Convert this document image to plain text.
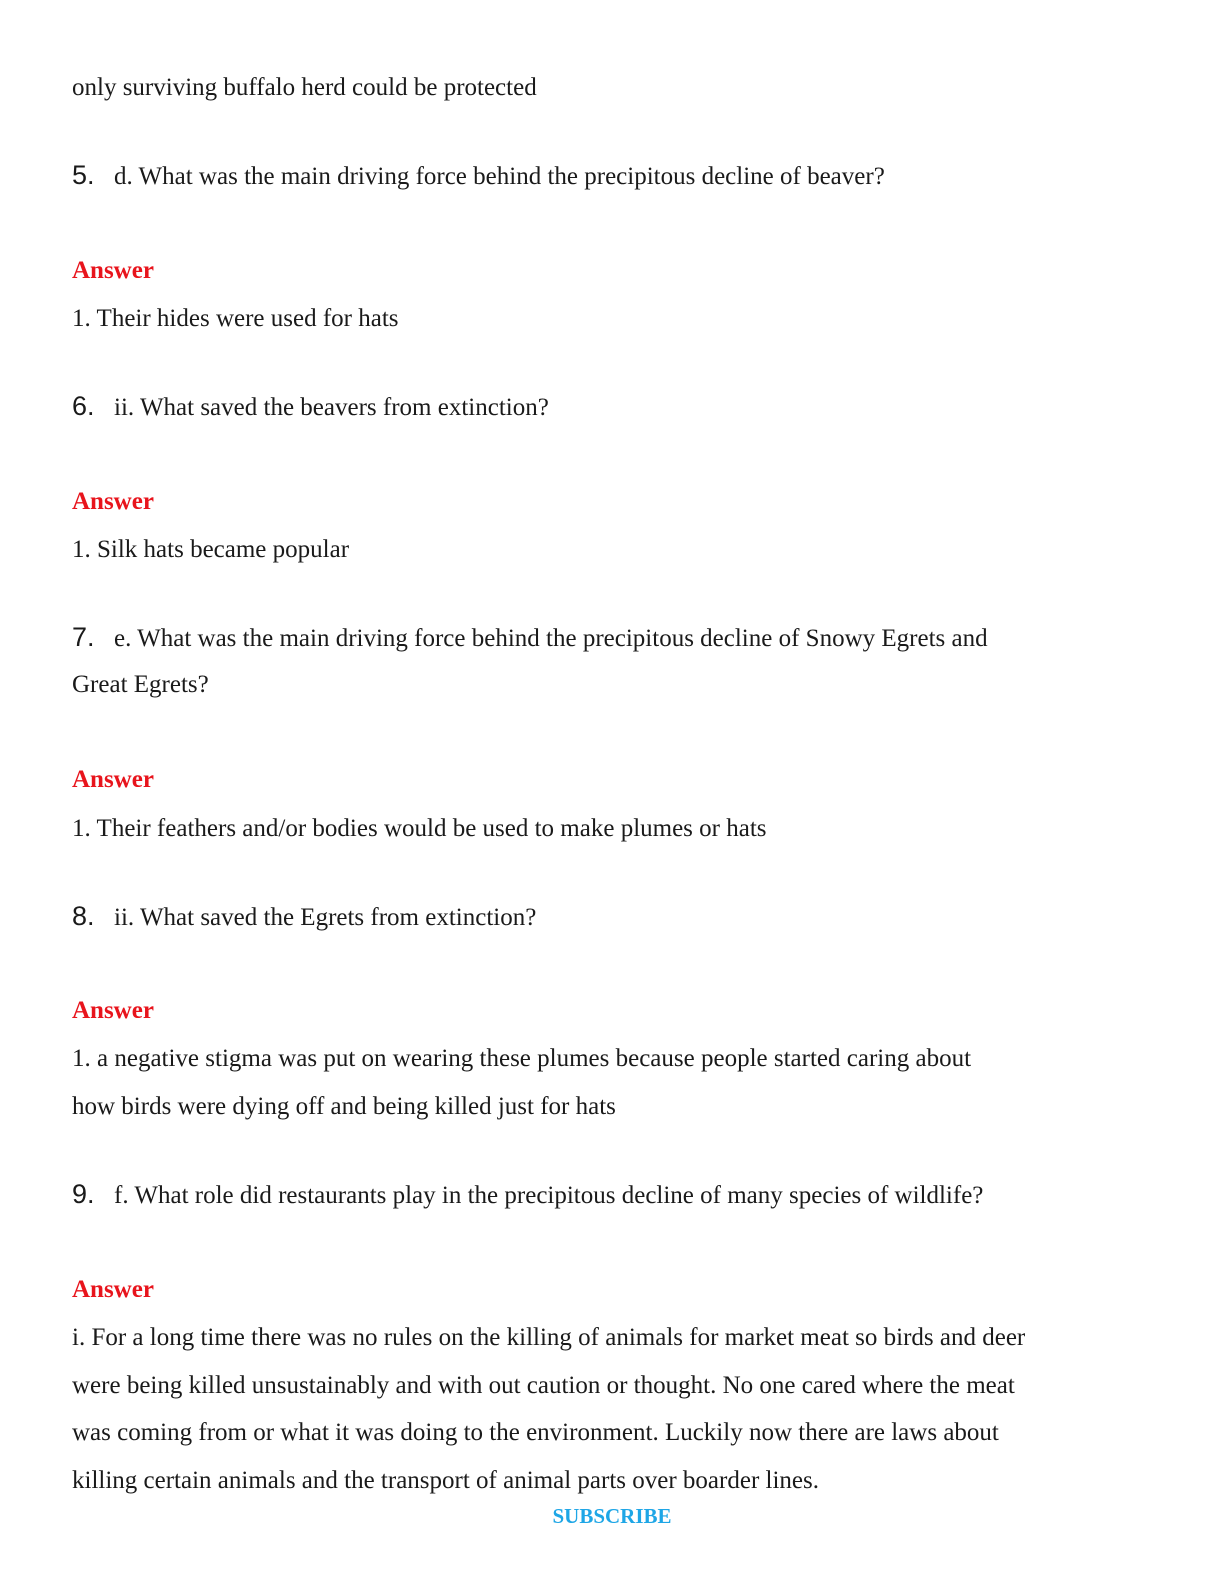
only surviving buffalo herd could be protected
5. d. What was the main driving force behind the precipitous decline of beaver?
Answer
1. Their hides were used for hats
6. ii. What saved the beavers from extinction?
Answer
1. Silk hats became popular
7. e. What was the main driving force behind the precipitous decline of Snowy Egrets and
Great Egrets?
Answer
1. Their feathers and/or bodies would be used to make plumes or hats
8. ii. What saved the Egrets from extinction?
Answer
1. a negative stigma was put on wearing these plumes because people started caring about
how birds were dying off and being killed just for hats
9. f. What role did restaurants play in the precipitous decline of many species of wildlife?
Answer
i. For a long time there was no rules on the killing of animals for market meat so birds and deer
were being killed unsustainably and with out caution or thought. No one cared where the meat
was coming from or what it was doing to the environment. Luckily now there are laws about
killing certain animals and the transport of animal parts over boarder lines.
SUBSCRIBE
